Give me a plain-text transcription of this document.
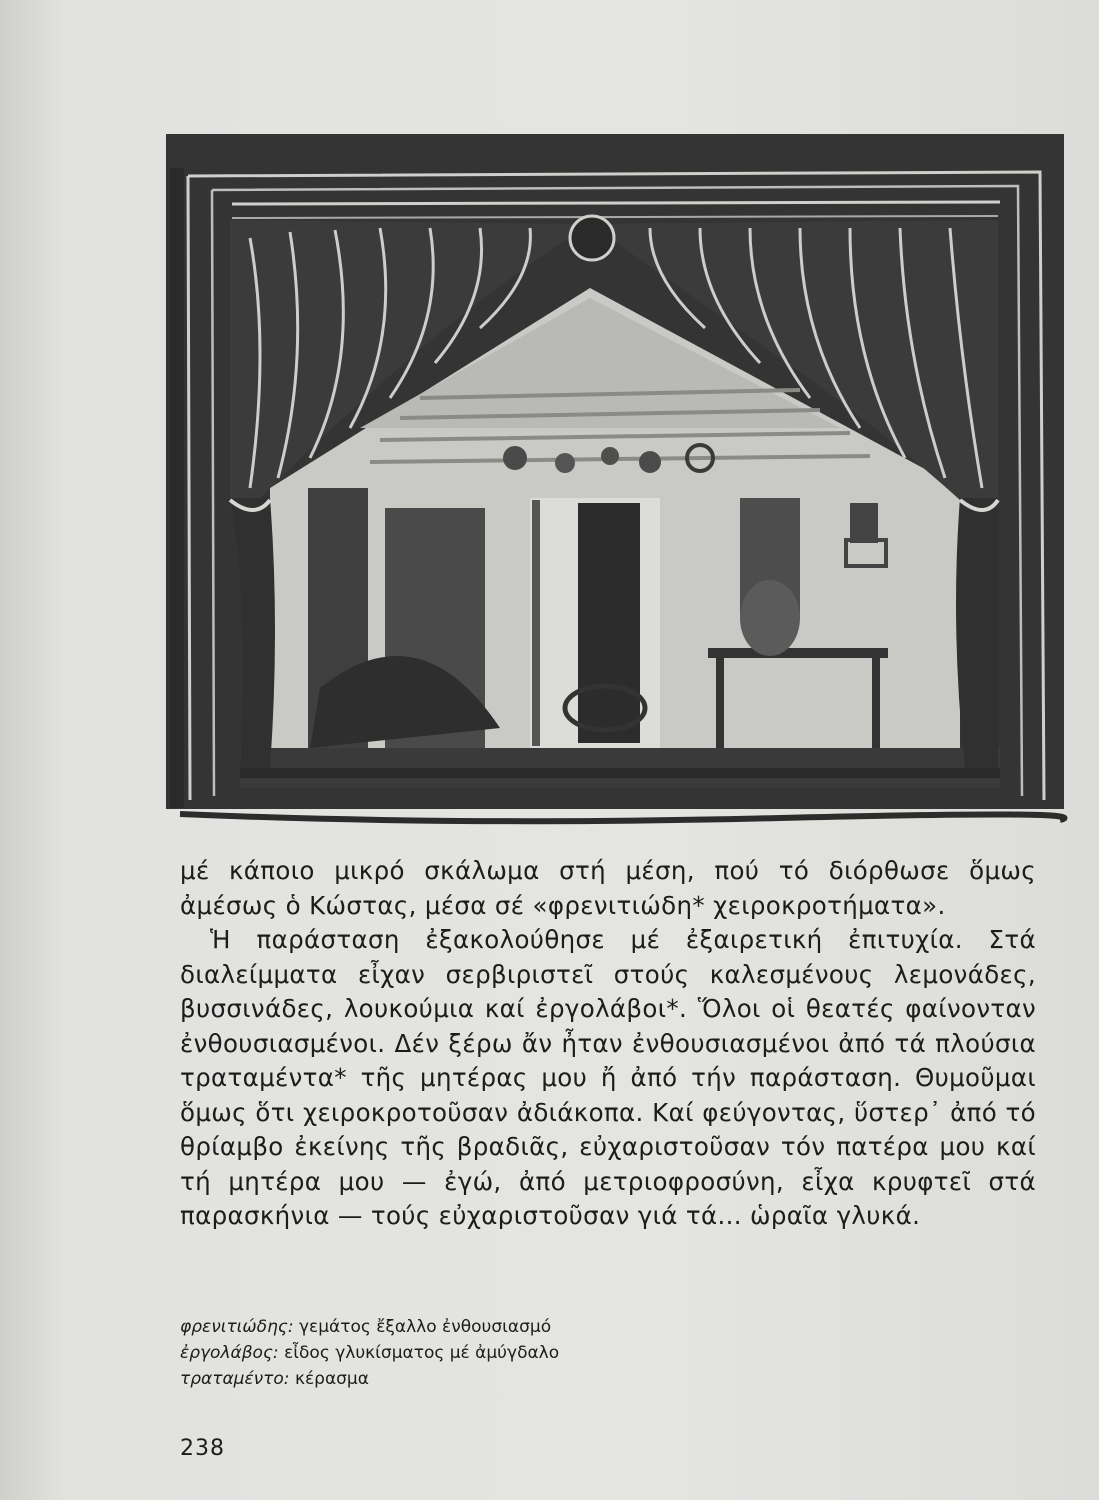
μέ κάποιο μικρό σκάλωμα στή μέση, πού τό διόρθωσε ὅμως ἀμέσως ὁ Κώστας, μέσα σέ «φρενιτιώδη* χειροκροτήματα».

Ἡ παράσταση ἐξακολούθησε μέ ἐξαιρετική ἐπιτυχία. Στά διαλείμματα εἶχαν σερβιριστεῖ στούς καλεσμένους λεμονάδες, βυσσινάδες, λουκούμια καί ἐργολάβοι*. Ὅλοι οἱ θεατές φαίνονταν ἐνθουσιασμένοι. Δέν ξέρω ἄν ἦταν ἐνθουσιασμένοι ἀπό τά πλούσια τραταμέντα* τῆς μητέρας μου ἤ ἀπό τήν παράσταση. Θυμοῦμαι ὅμως ὅτι χειροκροτοῦσαν ἀδιάκοπα. Καί φεύγοντας, ὕστερ᾽ ἀπό τό θρίαμβο ἐκείνης τῆς βραδιᾶς, εὐχαριστοῦσαν τόν πατέρα μου καί τή μητέρα μου — ἐγώ, ἀπό μετριοφροσύνη, εἶχα κρυφτεῖ στά παρασκήνια — τούς εὐχαριστοῦσαν γιά τά... ὡραῖα γλυκά.

φρενιτιώδης: γεμάτος ἔξαλλο ἐνθουσιασμό
ἐργολάβος: εἶδος γλυκίσματος μέ ἀμύγδαλο
τραταμέντο: κέρασμα
238
